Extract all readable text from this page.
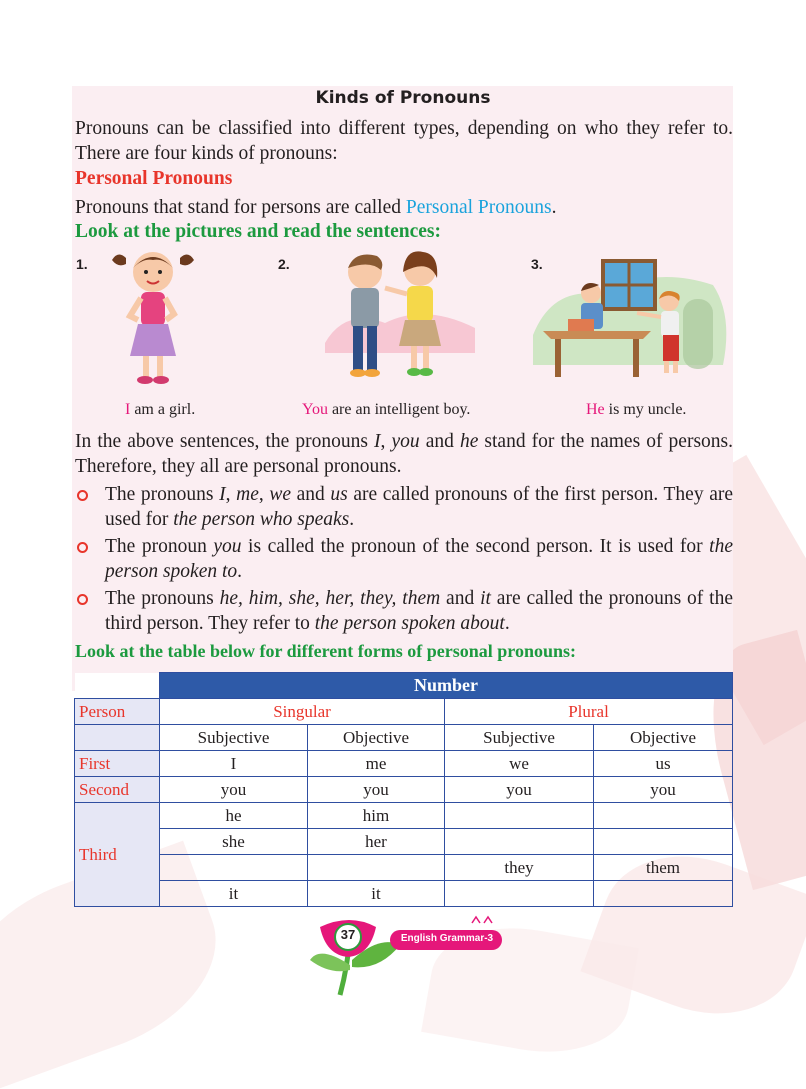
Kinds of Pronouns

Pronouns can be classified into different types, depending on who they refer to. There are four kinds of pronouns:

Personal Pronouns

Pronouns that stand for persons are called Personal Pronouns.

Look at the pictures and read the sentences:

1.	2.	3.
I am a girl.	You are an intelligent boy.	He is my uncle.

In the above sentences, the pronouns I, you and he stand for the names of persons. Therefore, they all are personal pronouns.

The pronouns I, me, we and us are called pronouns of the first person. They are used for the person who speaks.
The pronoun you is called the pronoun of the second person. It is used for the person spoken to.
The pronouns he, him, she, her, they, them and it are called the pronouns of the third person. They refer to the person spoken about.

Look at the table below for different forms of personal pronouns:

	Number			
Person	Singular		Plural	
	Subjective	Objective	Subjective	Objective
First	I	me	we	us
Second	you	you	you	you
Third	he	him		
	she	her		
			they	them
	it	it		
37	English Grammar-3
